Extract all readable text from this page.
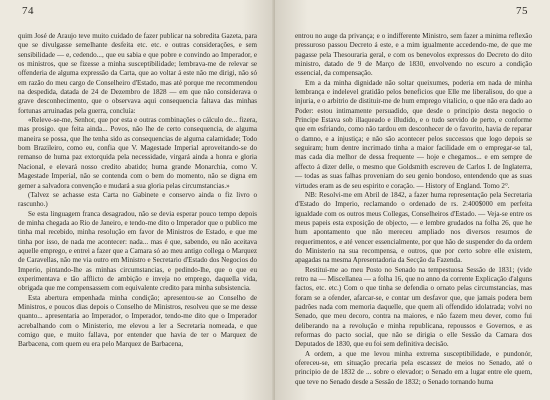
74

quim José de Araujo teve muito cuidado de fazer publicar na sobredita Gazeta, para que se divulgasse semelhante desfeita etc. etc. e outras considerações, e sem sensibilidade — e, cedendo..., que eu sabia e que pobre e convindo ao Imperador, e os ministros, que se fizesse a minha susceptibilidade; lembrava-me de relevar se offenderia de alguma expressão da Carta, que ao voltar á este não me dirigi, não só em razão do meu cargo de Conselheiro d'Estado, mas até porque me recommendou na despedida, datada de 24 de Dezembro de 1828 — em que não considerava o grave desconhecimento, que o observava aqui consequencia faltava das minhas fortunas arruinadas pela guerra, concluía:

«Releve-se-me, Senhor, que por esta e outras combinações o cálculo de... fizera, mas prosigo. que feita ainda... Povos, não lhe de certo consequencia, de alguma maneira se possa, que lhe tenha sido as consequencias de alguma calamidade; Todo bom Brazileiro, como eu, confia que V. Magestade Imperial aproveitando-se do remanso de huma paz extorquida pela necessidade, virgará ainda a honra e gloria Nacional, e elevará nosso credito abatido; huma grande Monarchia, como V. Magestade Imperial, não se contenda com o bem do momento, não se digna em gemer a salvadora convenção e mudará a sua gloria pelas circumstancias.»

(Talvez se achasse esta Carta no Gabinete e conservo ainda o fiz livro o rascunho.)

Se esta linguagem franca desagradou, não se devia esperar pouco tempo depois de minha chegada ao Rio de Janeiro, e tendo-me dito o Imperador que o publico me tinha mal recebido, minha resolução em favor de Ministros de Estado, e que me tinha por isso, de nada me acontecer: nada... mas é que, sabendo, eu não aceitava aquelle emprego, e entrei a fazer que a Camara só ao meu antigo collega o Marquez de Caravellas, não me via outro em Ministro e Secretario d'Estado dos Negocios do Imperio, pintando-lhe as minhas circumstancias, e pedindo-lhe, que o que eu experimentava e tão afflicto de ambição e inveja no emprego, daquella vida, obrigada que me compensassem com equivalente credito para minha subsistencia.

Esta abertura empenhada minha condição; apresentou-se ao Conselho de Ministros, e poucos dias depois o Conselho de Ministros, resolveu que se me desse quanto... apresentaria ao Imperador, o Imperador, tendo-me dito que o Imperador acrebalhando com o Ministerio, me elevou a ler a Secretaria nomeada, e que comigo que, e muito fallava, por entender que havia de ter o Marquez de Barbacena, com quem eu era pelo Marquez de Barbacena,

75

entrou no auge da privança; e o indifferente Ministro, sem fazer a minima reflexão pressuroso passou Decreto á este, e a mim igualmente accedendo-me, de que me pagasse pela Thesouraria geral, e com os benevolos expressos do Decreto do dito ministro, datado de 9 de Março de 1830, envolvendo no escuro a condição essencial, da compensação.

Em a da minha dignidade não soltar queixumes, poderia em nada de minha lembrança e indelevel gratidão pelos beneficios que Elle me liberalisou, do que a injuria, e o arbitrio de distituir-me de hum emprego vitalicio, o que não era dado ao Poder: estou intimamente persuadido, que desde o principio desta negocio o Principe Estava sob illaqueado e illudido, e o tudo servido de perto, e conforme que em esfriando, como não tardou em desconhecer de o favorito, havia de reparar o damno, e a injustiça; e não são acontecer pelos successos que logo depois se seguiram; hum dentre incrimado tinha a maior facilidade em o empregar-se tal, mas cada dia melhor de dessa frequente — hoje e chegamos... e em sempre de affecto á dizer delle, o mesmo que Goldsmith escreveu de Carlos I. de Inglaterra, — todas as suas falhas proveniam do seu genio bondoso, entendendo que as suas virtudes eram as de seu espirito e coração. — History of England. Tomo 2°.

NB: Resolvi-me em Abril de 1842, a fazer huma representação pela Secretaria d'Estado do Imperio, reclamando o ordenado de rs. 2:400$000 em perfeita igualdade com os outros meus Collegas, Conselheiros d'Estado. — Veja-se entre os meus papeis esta exposição de objecto, — e lembre grudados na folha 26, que he hum apontamento que não mereceu ampliado nos diversos resumos de requerimentos, e até vencer essencialmente, por que hão de suspender do da ordem do Ministerio na sua recompensa, e outros, que por certo sobre elle existem, apagadas na mesma Apresentadoria da Secção da Fazenda.

Restitui-me ao meu Posto no Senado na tempestuosa Sessão de 1831; (vide retro na — Miscellanea — a folha 16, que no anno da corrente Explicação d'alguns factos, etc. etc.) Com o que tinha se defendia o ornato pelas circumstancias, mas foram se a ofender, afarcar-se, e contar um desfavor que, que jamais podera bem padrões nada com memoria daquelle, que quem ali offendido idolatrada; volvi no Senado, que meu decoro, contra na maiores, e não fazem meu dever, como fui deliberando na a revolução e minha republicana, repoussos e Governos, e as reformas do pacto social, que não se dirigia o elle Sessão da Camara dos Deputados de 1830, que eu foi sem definitiva decisão.

A ordem, a que me levou minha extrema susceptibilidade, e pundonór, ofereceu-se, em situação precaria pela escassez de meios no Senado, até o principio de de 1832 de ... sobre o elevador; o Senado em a lugar entre ele quem, que teve no Senado desde a Sessão de 1832; o Senado tornando huma
